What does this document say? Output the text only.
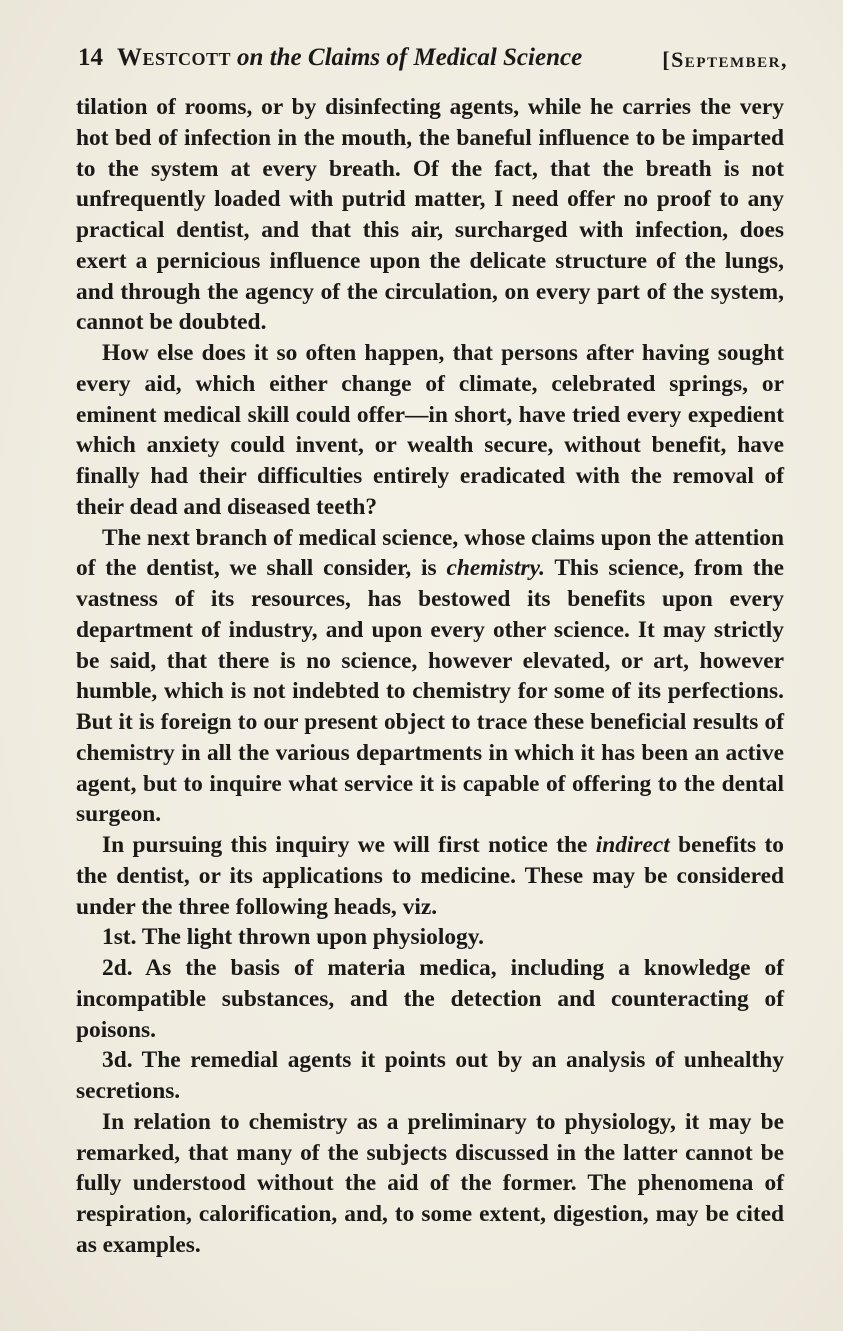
14 Westcott on the Claims of Medical Science	[September,

tilation of rooms, or by disinfecting agents, while he carries the very hot bed of infection in the mouth, the baneful influence to be imparted to the system at every breath. Of the fact, that the breath is not unfrequently loaded with putrid matter, I need offer no proof to any practical dentist, and that this air, surcharged with infection, does exert a pernicious influence upon the delicate structure of the lungs, and through the agency of the circulation, on every part of the system, cannot be doubted.

How else does it so often happen, that persons after having sought every aid, which either change of climate, celebrated springs, or eminent medical skill could offer—in short, have tried every expedient which anxiety could invent, or wealth secure, without benefit, have finally had their difficulties entirely eradicated with the removal of their dead and diseased teeth?

The next branch of medical science, whose claims upon the attention of the dentist, we shall consider, is chemistry. This science, from the vastness of its resources, has bestowed its benefits upon every department of industry, and upon every other science. It may strictly be said, that there is no science, however elevated, or art, however humble, which is not indebted to chemistry for some of its perfections. But it is foreign to our present object to trace these beneficial results of chemistry in all the various departments in which it has been an active agent, but to inquire what service it is capable of offering to the dental surgeon.

In pursuing this inquiry we will first notice the indirect benefits to the dentist, or its applications to medicine. These may be considered under the three following heads, viz.

1st. The light thrown upon physiology.

2d. As the basis of materia medica, including a knowledge of incompatible substances, and the detection and counteracting of poisons.

3d. The remedial agents it points out by an analysis of unhealthy secretions.

In relation to chemistry as a preliminary to physiology, it may be remarked, that many of the subjects discussed in the latter cannot be fully understood without the aid of the former. The phenomena of respiration, calorification, and, to some extent, digestion, may be cited as examples.
